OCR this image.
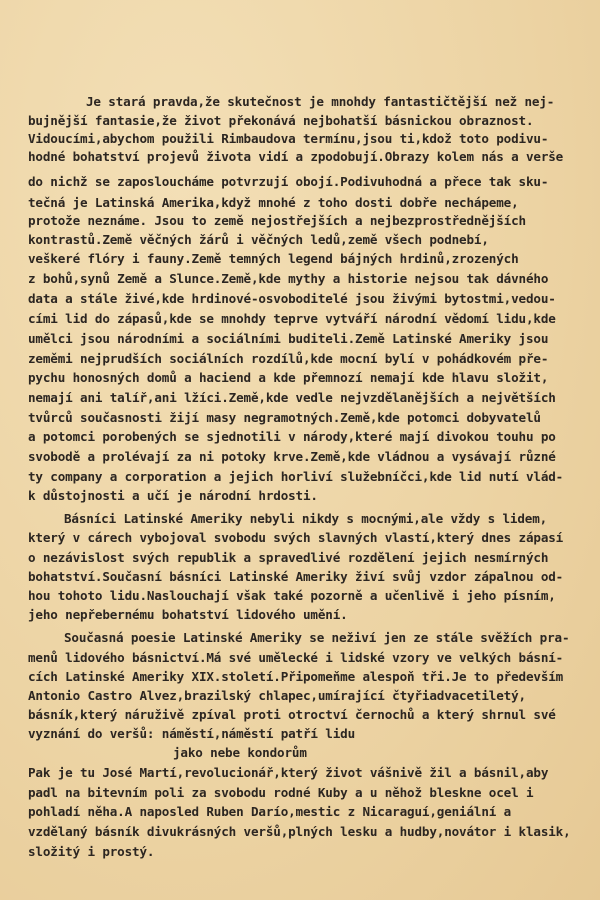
Je stará pravda,že skutečnost je mnohdy fantastičtější než nej-
bujnější fantasie,že život překonává nejbohatší básnickou obraznost.
Vidoucími,abychom použili Rimbaudova termínu,jsou ti,kdož toto podivu-
hodné bohatství projevů života vidí a zpodobují.Obrazy kolem nás a verše
do nichž se zaposloucháme potvrzují obojí.Podivuhodná a přece tak sku-
tečná je Latinská Amerika,když mnohé z toho dosti dobře nechápeme,
protože neznáme. Jsou to země nejostřejších a nejbezprostřednějších
kontrastů.Země věčných žárů i věčných ledů,země všech podnebí,
veškeré flóry i fauny.Země temných legend bájných hrdinů,zrozených
z bohů,synů Země a Slunce.Země,kde mythy a historie nejsou tak dávného
data a stále živé,kde hrdinové-osvoboditelé jsou živými bytostmi,vedou-
cími lid do zápasů,kde se mnohdy teprve vytváří národní vědomí lidu,kde
umělci jsou národními a sociálními buditeli.Země Latinské Ameriky jsou
zeměmi nejprudších sociálních rozdílů,kde mocní bylí v pohádkovém pře-
pychu honosných domů a haciend a kde přemnozí nemají kde hlavu složit,
nemají ani talíř,ani lžíci.Země,kde vedle nejvzdělanějších a největších
tvůrců současnosti žijí masy negramotných.Země,kde potomci dobyvatelů
a potomci porobených se sjednotili v národy,které mají divokou touhu po
svobodě a prolévají za ni potoky krve.Země,kde vládnou a vysávají různé
ty company a corporation a jejich horliví služebníčci,kde lid nutí vlád-
k důstojnosti a učí je národní hrdosti.
Básníci Latinské Ameriky nebyli nikdy s mocnými,ale vždy s lidem,
který v cárech vybojoval svobodu svých slavných vlastí,který dnes zápasí
o nezávislost svých republik a spravedlivé rozdělení jejich nesmírných
bohatství.Současní básníci Latinské Ameriky živí svůj vzdor zápalnou od-
hou tohoto lidu.Naslouchají však také pozorně a učenlivě i jeho písním,
jeho nepřebernému bohatství lidového umění.
Současná poesie Latinské Ameriky se neživí jen ze stále svěžích pra-
menů lidového básnictví.Má své umělecké i lidské vzory ve velkých básní-
cích Latinské Ameriky XIX.století.Připomeňme alespoň tři.Je to především
Antonio Castro Alvez,brazilský chlapec,umírající čtyřiadvacetiletý,
básník,který náruživě zpíval proti otroctví černochů a který shrnul své
vyznání do veršů: náměstí,náměstí patří lidu
jako nebe kondorům
Pak je tu José Martí,revolucionář,který život vášnivě žil a básnil,aby
padl na bitevním poli za svobodu rodné Kuby a u něhož bleskne ocel i
pohladí něha.A naposled Ruben Darío,mestic z Nicaraguí,geniální a
vzdělaný básník divukrásných veršů,plných lesku a hudby,novátor i klasik,
složitý i prostý.
